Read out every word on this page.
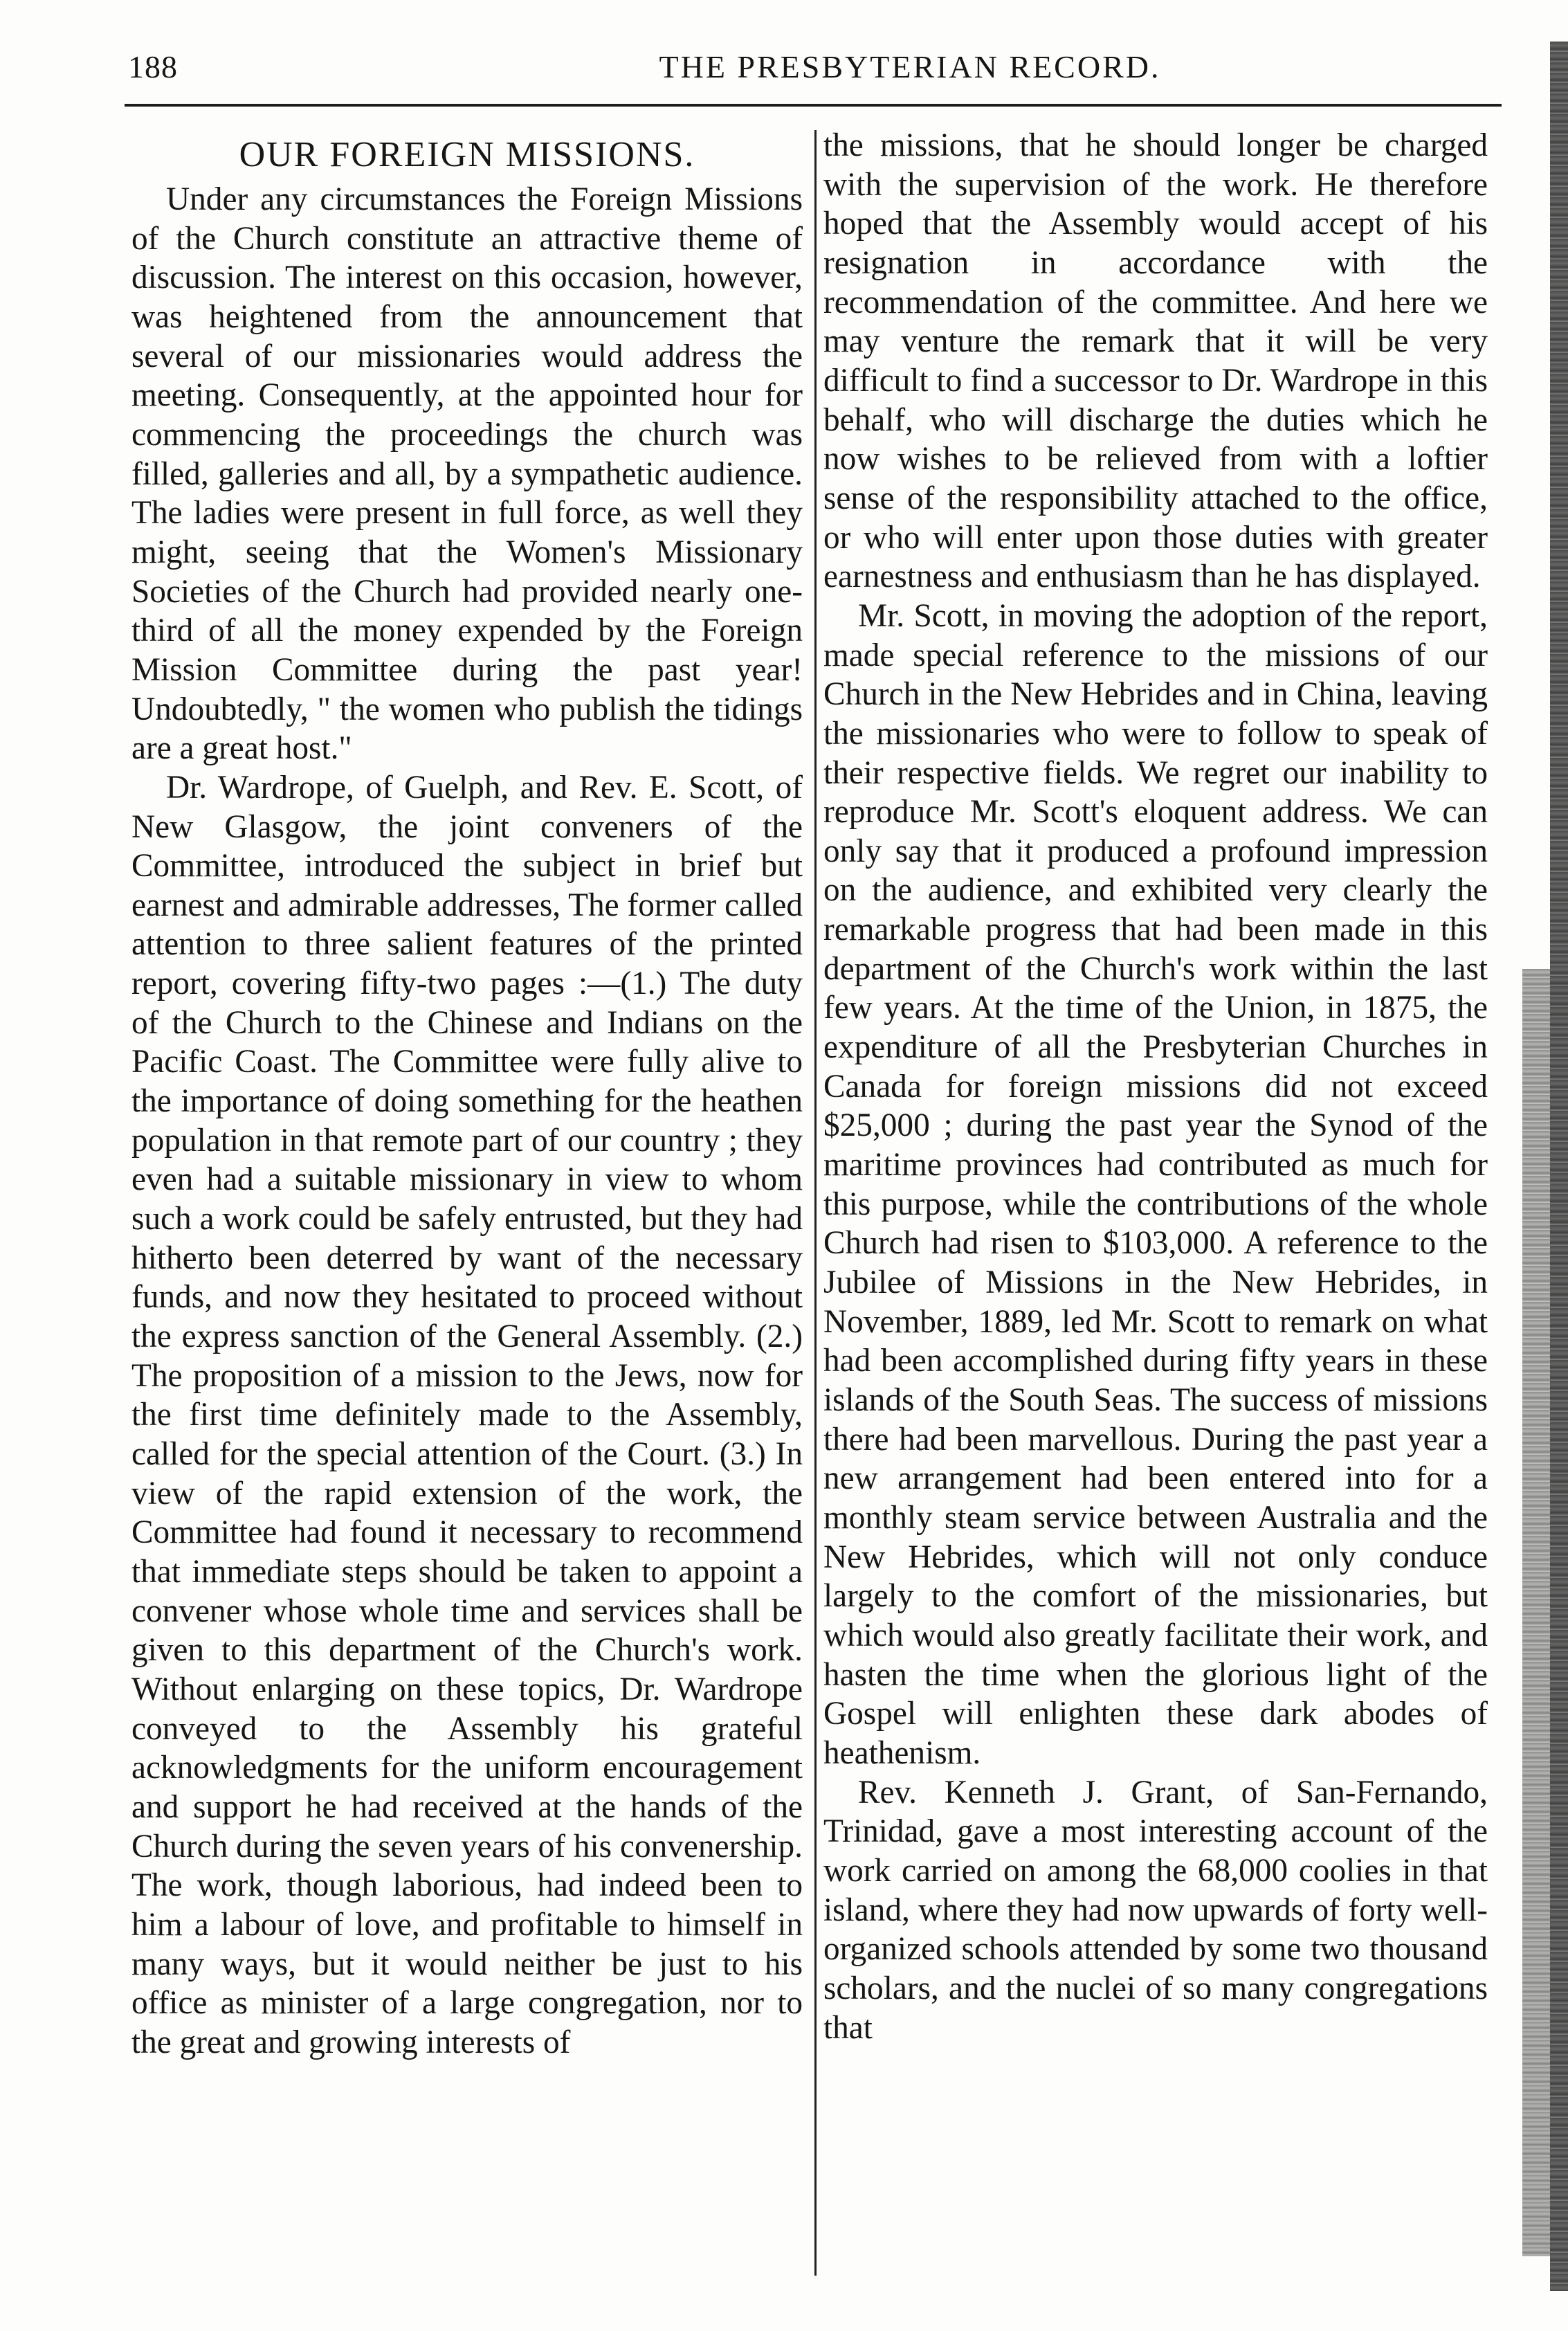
188	THE PRESBYTERIAN RECORD.
OUR FOREIGN MISSIONS.

Under any circumstances the Foreign Missions of the Church constitute an attractive theme of discussion. The interest on this occasion, however, was heightened from the announcement that several of our missionaries would address the meeting. Consequently, at the appointed hour for commencing the proceedings the church was filled, galleries and all, by a sympathetic audience. The ladies were present in full force, as well they might, seeing that the Women's Missionary Societies of the Church had provided nearly one-third of all the money expended by the Foreign Mission Committee during the past year! Undoubtedly, " the women who publish the tidings are a great host."

Dr. Wardrope, of Guelph, and Rev. E. Scott, of New Glasgow, the joint conveners of the Committee, introduced the subject in brief but earnest and admirable addresses, The former called attention to three salient features of the printed report, covering fifty-two pages :—(1.) The duty of the Church to the Chinese and Indians on the Pacific Coast. The Committee were fully alive to the importance of doing something for the heathen population in that remote part of our country ; they even had a suitable missionary in view to whom such a work could be safely entrusted, but they had hitherto been deterred by want of the necessary funds, and now they hesitated to proceed without the express sanction of the General Assembly. (2.) The proposition of a mission to the Jews, now for the first time definitely made to the Assembly, called for the special attention of the Court. (3.) In view of the rapid extension of the work, the Committee had found it necessary to recommend that immediate steps should be taken to appoint a convener whose whole time and services shall be given to this department of the Church's work. Without enlarging on these topics, Dr. Wardrope conveyed to the Assembly his grateful acknowledgments for the uniform encouragement and support he had received at the hands of the Church during the seven years of his convenership. The work, though laborious, had indeed been to him a labour of love, and profitable to himself in many ways, but it would neither be just to his office as minister of a large congregation, nor to the great and growing interests of

the missions, that he should longer be charged with the supervision of the work. He therefore hoped that the Assembly would accept of his resignation in accordance with the recommendation of the committee. And here we may venture the remark that it will be very difficult to find a successor to Dr. Wardrope in this behalf, who will discharge the duties which he now wishes to be relieved from with a loftier sense of the responsibility attached to the office, or who will enter upon those duties with greater earnestness and enthusiasm than he has displayed.

Mr. Scott, in moving the adoption of the report, made special reference to the missions of our Church in the New Hebrides and in China, leaving the missionaries who were to follow to speak of their respective fields. We regret our inability to reproduce Mr. Scott's eloquent address. We can only say that it produced a profound impression on the audience, and exhibited very clearly the remarkable progress that had been made in this department of the Church's work within the last few years. At the time of the Union, in 1875, the expenditure of all the Presbyterian Churches in Canada for foreign missions did not exceed $25,000 ; during the past year the Synod of the maritime provinces had contributed as much for this purpose, while the contributions of the whole Church had risen to $103,000. A reference to the Jubilee of Missions in the New Hebrides, in November, 1889, led Mr. Scott to remark on what had been accomplished during fifty years in these islands of the South Seas. The success of missions there had been marvellous. During the past year a new arrangement had been entered into for a monthly steam service between Australia and the New Hebrides, which will not only conduce largely to the comfort of the missionaries, but which would also greatly facilitate their work, and hasten the time when the glorious light of the Gospel will enlighten these dark abodes of heathenism.

Rev. Kenneth J. Grant, of San-Fernando, Trinidad, gave a most interesting account of the work carried on among the 68,000 coolies in that island, where they had now upwards of forty well-organized schools attended by some two thousand scholars, and the nuclei of so many congregations that
